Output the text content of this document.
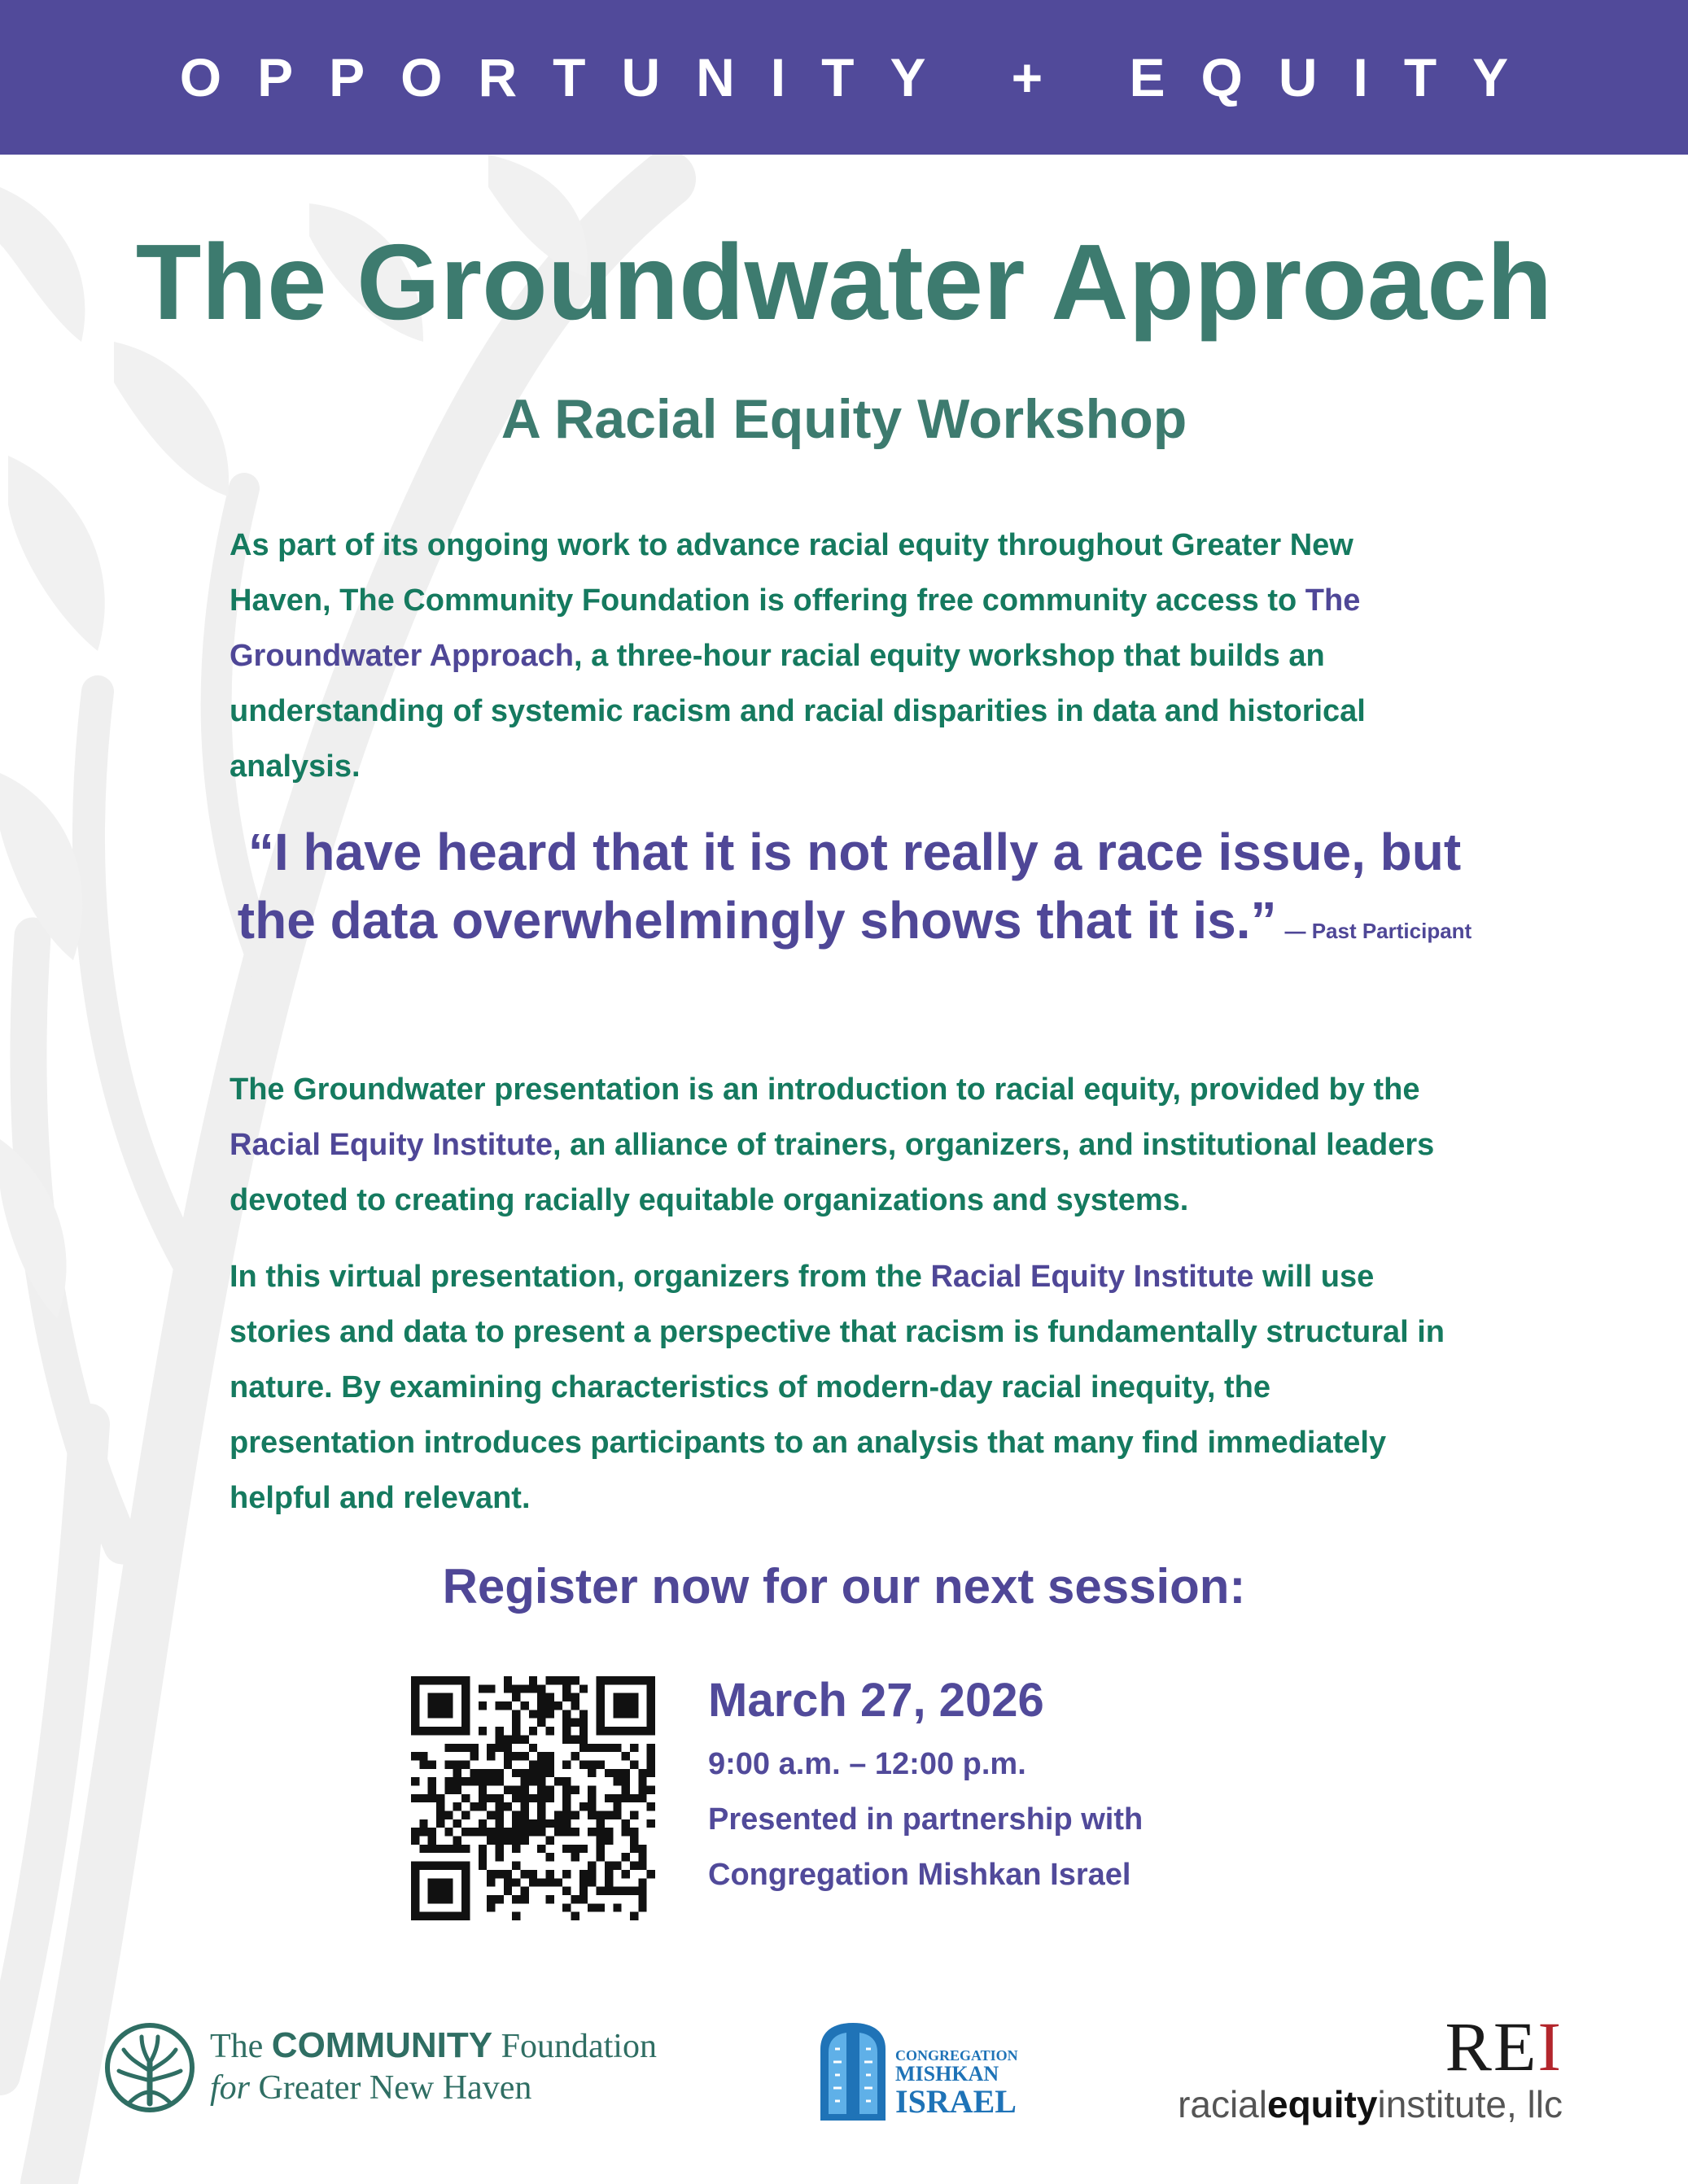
OPPORTUNITY + EQUITY
The Groundwater Approach
A Racial Equity Workshop

As part of its ongoing work to advance racial equity throughout Greater New Haven, The Community Foundation is offering free community access to The Groundwater Approach, a three-hour racial equity workshop that builds an understanding of systemic racism and racial disparities in data and historical analysis.

“I have heard that it is not really a race issue, but the data overwhelmingly shows that it is.” — Past Participant

The Groundwater presentation is an introduction to racial equity, provided by the Racial Equity Institute, an alliance of trainers, organizers, and institutional leaders devoted to creating racially equitable organizations and systems.

In this virtual presentation, organizers from the Racial Equity Institute will use stories and data to present a perspective that racism is fundamentally structural in nature. By examining characteristics of modern-day racial inequity, the presentation introduces participants to an analysis that many find immediately helpful and relevant.

Register now for our next session:

March 27, 2026

9:00 a.m. – 12:00 p.m.

Presented in partnership with

Congregation Mishkan Israel

The COMMUNITY Foundation
for Greater New Haven
CONGREGATION
MISHKAN
ISRAEL
REI
racialequityinstitute, llc
